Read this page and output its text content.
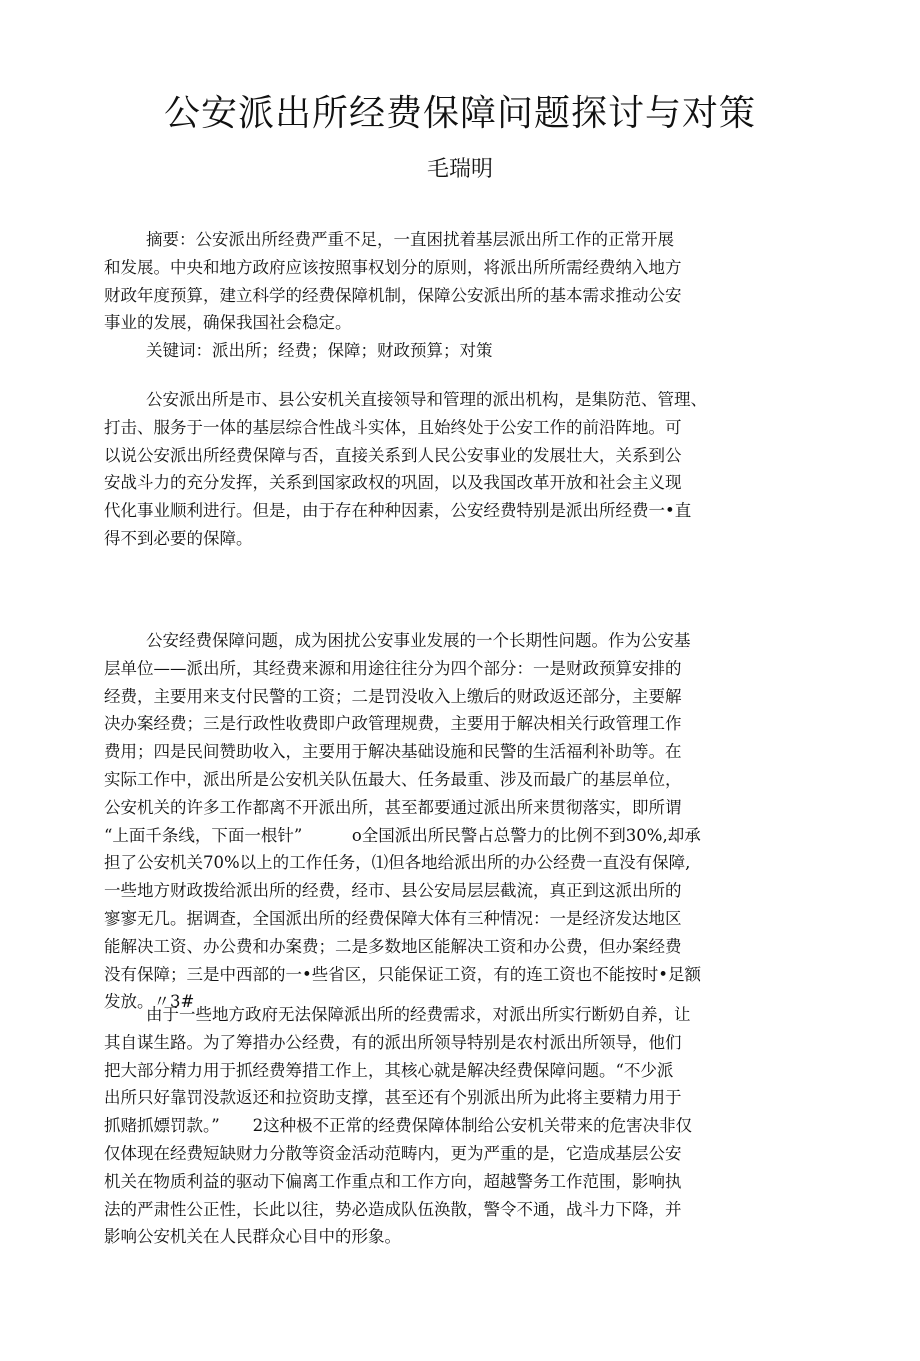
公安派出所经费保障问题探讨与对策
毛瑞明
摘要：公安派出所经费严重不足，一直困扰着基层派出所工作的正常开展
和发展。中央和地方政府应该按照事权划分的原则，将派出所所需经费纳入地方
财政年度预算，建立科学的经费保障机制，保障公安派出所的基本需求推动公安
事业的发展，确保我国社会稳定。
关键词：派出所；经费；保障；财政预算；对策
公安派出所是市、县公安机关直接领导和管理的派出机构，是集防范、管理、
打击、服务于一体的基层综合性战斗实体，且始终处于公安工作的前沿阵地。可
以说公安派出所经费保障与否，直接关系到人民公安事业的发展壮大，关系到公
安战斗力的充分发挥，关系到国家政权的巩固，以及我国改革开放和社会主义现
代化事业顺利进行。但是，由于存在种种因素，公安经费特别是派出所经费一•直
得不到必要的保障。
公安经费保障问题，成为困扰公安事业发展的一个长期性问题。作为公安基
层单位——派出所，其经费来源和用途往往分为四个部分：一是财政预算安排的
经费，主要用来支付民警的工资；二是罚没收入上缴后的财政返还部分，主要解
决办案经费；三是行政性收费即户政管理规费，主要用于解决相关行政管理工作
费用；四是民间赞助收入，主要用于解决基础设施和民警的生活福利补助等。在
实际工作中，派出所是公安机关队伍最大、任务最重、涉及而最广的基层单位，
公安机关的许多工作都离不开派出所，甚至都要通过派出所来贯彻落实，即所谓
“上面千条线，下面一根针”　　　o全国派出所民警占总警力的比例不到30%,却承
担了公安机关70%以上的工作任务，⑴但各地给派出所的办公经费一直没有保障,
一些地方财政拨给派出所的经费，经市、县公安局层层截流，真正到这派出所的
寥寥无几。据调查，全国派出所的经费保障大体有三种情况：一是经济发达地区
能解决工资、办公费和办案费；二是多数地区能解决工资和办公费，但办案经费
没有保障；三是中西部的一•些省区，只能保证工资，有的连工资也不能按时•足额
发放。〃3#
由于一些地方政府无法保障派出所的经费需求，对派出所实行断奶自养，让
其自谋生路。为了筹措办公经费，有的派出所领导特别是农村派出所领导，他们
把大部分精力用于抓经费筹措工作上，其核心就是解决经费保障问题。“不少派
出所只好靠罚没款返还和拉资助支撑，甚至还有个别派出所为此将主要精力用于
抓赌抓嫖罚款。”　　2这种极不正常的经费保障体制给公安机关带来的危害决非仅
仅体现在经费短缺财力分散等资金活动范畴内，更为严重的是，它造成基层公安
机关在物质利益的驱动下偏离工作重点和工作方向，超越警务工作范围，影响执
法的严肃性公正性，长此以往，势必造成队伍涣散，警令不通，战斗力下降，并
影响公安机关在人民群众心目中的形象。
